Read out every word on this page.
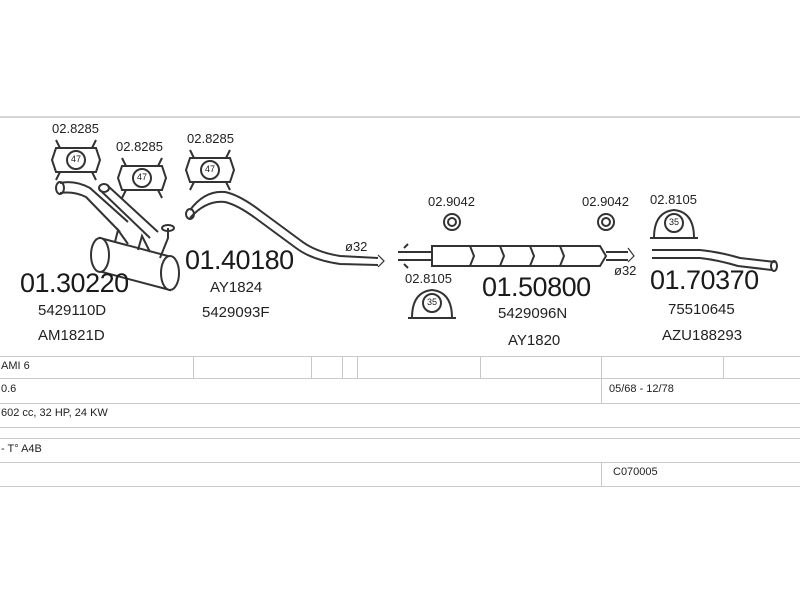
47
47
47
35
35
02.8285
02.8285
02.8285
02.8105
02.8105
02.9042	02.9042
ø32
ø32
01.30220
5429110D
AM1821D
01.40180
AY1824
5429093F
01.50800
5429096N
AY1820
01.70370
75510645
AZU188293
AMI 6
0.6	05/68 - 12/78
602 cc, 32 HP, 24 KW
- T° A4B
C070005
